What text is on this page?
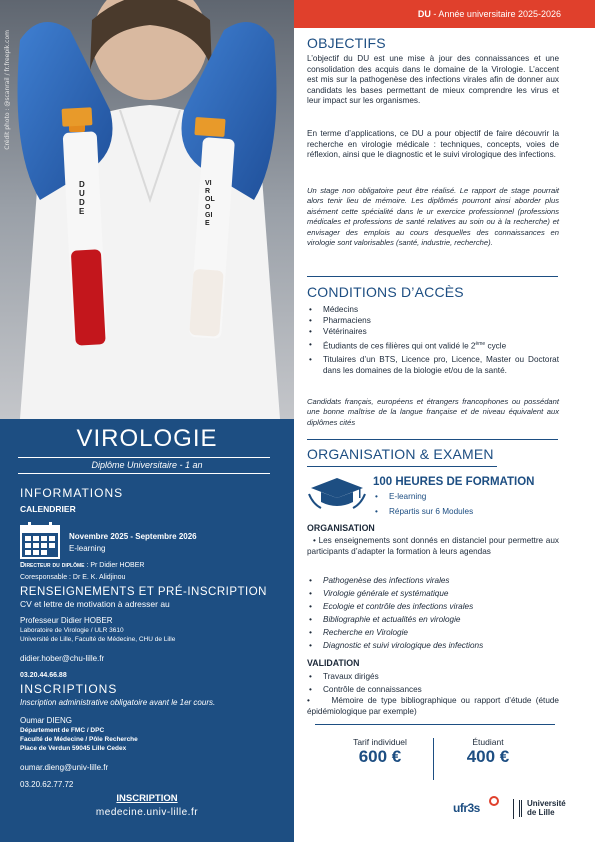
Crédit photo : @scanrail / fr.freepik.com
DU DE
VIROLOGIE
VIROLOGIE
Diplôme Universitaire - 1 an
INFORMATIONS
CALENDRIER
Novembre 2025 - Septembre 2026
E-learning
Directeur du diplôme : Pr Didier HOBER
Coresponsable : Dr E. K. Alidjinou
RENSEIGNEMENTS ET PRÉ-INSCRIPTION
CV et lettre de motivation à adresser au
Professeur Didier HOBER
Laboratoire de Virologie / ULR 3610
Université de Lille, Faculté de Médecine, CHU de Lille
didier.hober@chu-lille.fr
03.20.44.66.88
INSCRIPTIONS
Inscription administrative obligatoire avant le 1er cours.
Oumar DIENG
Département de FMC / DPC
Faculté de Médecine / Pôle Recherche
Place de Verdun 59045 Lille Cedex
oumar.dieng@univ-lille.fr
03.20.62.77.72
INSCRIPTION
medecine.univ-lille.fr
DU - Année universitaire 2025-2026
OBJECTIFS
L’objectif du DU est une mise à jour des connaissances et une consolidation des acquis dans le domaine de la Virologie. L’accent est mis sur la pathogenèse des infections virales afin de donner aux candidats les bases permettant de mieux comprendre les virus et leur impact sur les organismes.
En terme d’applications, ce DU a pour objectif de faire découvrir la recherche en virologie médicale : techniques, concepts, voies de réflexion, ainsi que le diagnostic et le suivi virologique des infections.
Un stage non obligatoire peut être réalisé. Le rapport de stage pourrait alors tenir lieu de mémoire. Les diplômés pourront ainsi aborder plus aisément cette spécialité dans le ur exercice professionnel (professions médicales et professions de santé relatives au soin ou à la recherche) et envisager des emplois au cours desquelles des connaissances en virologie sont valorisables (santé, industrie, recherche).
CONDITIONS D’ACCÈS
• Médecins
• Pharmaciens
• Vétérinaires
• Étudiants de ces filières qui ont validé le 2ème cycle
• Titulaires d’un BTS, Licence pro, Licence, Master ou Doctorat dans les domaines de la biologie et/ou de la santé.
Candidats français, européens et étrangers francophones ou possédant une bonne maîtrise de la langue française et de niveau équivalent aux diplômes cités
ORGANISATION & EXAMEN
100 HEURES DE FORMATION
• E-learning
• Répartis sur 6 Modules
ORGANISATION
• Les enseignements sont donnés en distanciel pour permettre aux participants d’adapter la formation à leurs agendas
• Pathogenèse des infections virales
• Virologie générale et systématique
• Ecologie et contrôle des infections virales
• Bibliographie et actualités en virologie
• Recherche en Virologie
• Diagnostic et suivi virologique des infections
VALIDATION
• Travaux dirigés
• Contrôle de connaissances
•     Mémoire de type bibliographique ou rapport d’étude (étude épidémiologique par exemple)
Tarif individuel
600 €
Étudiant
400 €
ufr3s	Université
de Lille
